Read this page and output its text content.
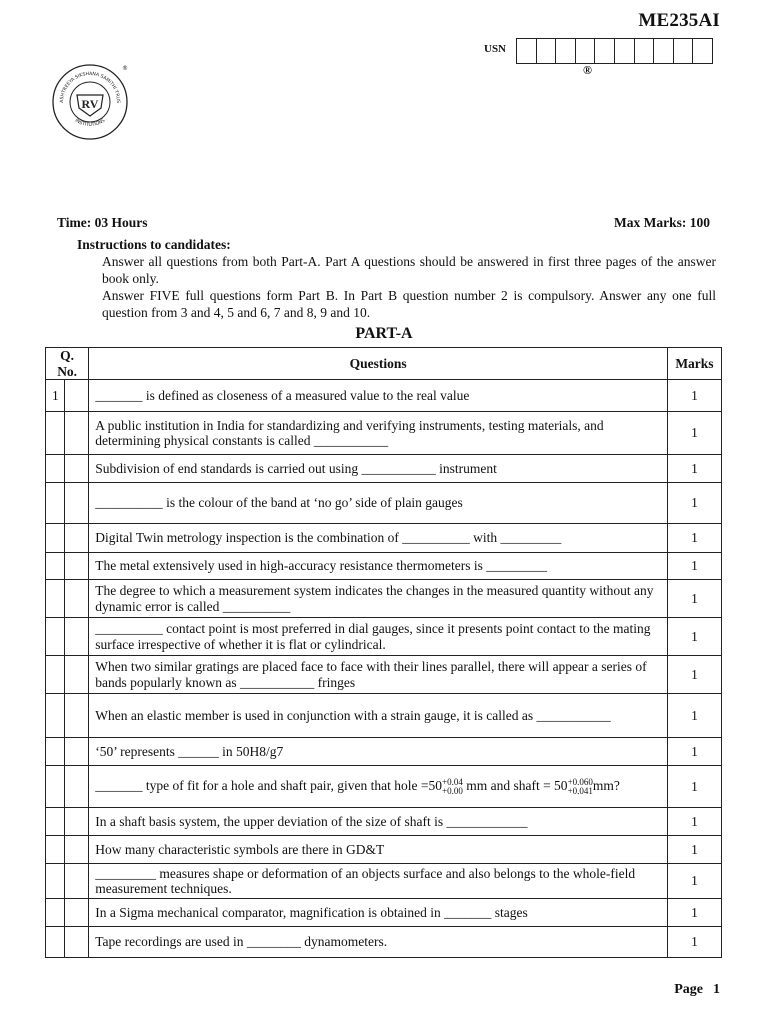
ME235AI
USN
®
ASHTREEYA SIKSHANA SAMITHI TRUS
INSTITUTIONS
RV
®
Time: 03 Hours	Max Marks: 100
Instructions to candidates:
Answer all questions from both Part-A. Part A questions should be answered in first three pages of the answer book only.
Answer FIVE full questions form Part B. In Part B question number 2 is compulsory. Answer any one full question from 3 and 4, 5 and 6, 7 and 8, 9 and 10.
PART-A
Q. No.		Questions	Marks
1		_______ is defined as closeness of a measured value to the real value	1
		A public institution in India for standardizing and verifying instruments, testing materials, and determining physical constants is called ___________	1
		Subdivision of end standards is carried out using ___________ instrument	1
		__________ is the colour of the band at ‘no go’ side of plain gauges	1
		Digital Twin metrology inspection is the combination of __________ with _________	1
		The metal extensively used in high-accuracy resistance thermometers is _________	1
		The degree to which a measurement system indicates the changes in the measured quantity without any dynamic error is called __________	1
		__________ contact point is most preferred in dial gauges, since it presents point contact to the mating surface irrespective of whether it is flat or cylindrical.	1
		When two similar gratings are placed face to face with their lines parallel, there will appear a series of bands popularly known as ___________ fringes	1
		When an elastic member is used in conjunction with a strain gauge, it is called as ___________	1
		‘50’ represents ______ in 50H8/g7	1
		_______ type of fit for a hole and shaft pair, given that hole =50+0.04
+0.00 mm and shaft = 50+0.060
+0.041mm?	1
		In a shaft basis system, the upper deviation of the size of shaft is ____________	1
		How many characteristic symbols are there in GD&T	1
		_________ measures shape or deformation of an objects surface and also belongs to the whole-field measurement techniques.	1
		In a Sigma mechanical comparator, magnification is obtained in _______ stages	1
		Tape recordings are used in ________ dynamometers.	1
Page 1
